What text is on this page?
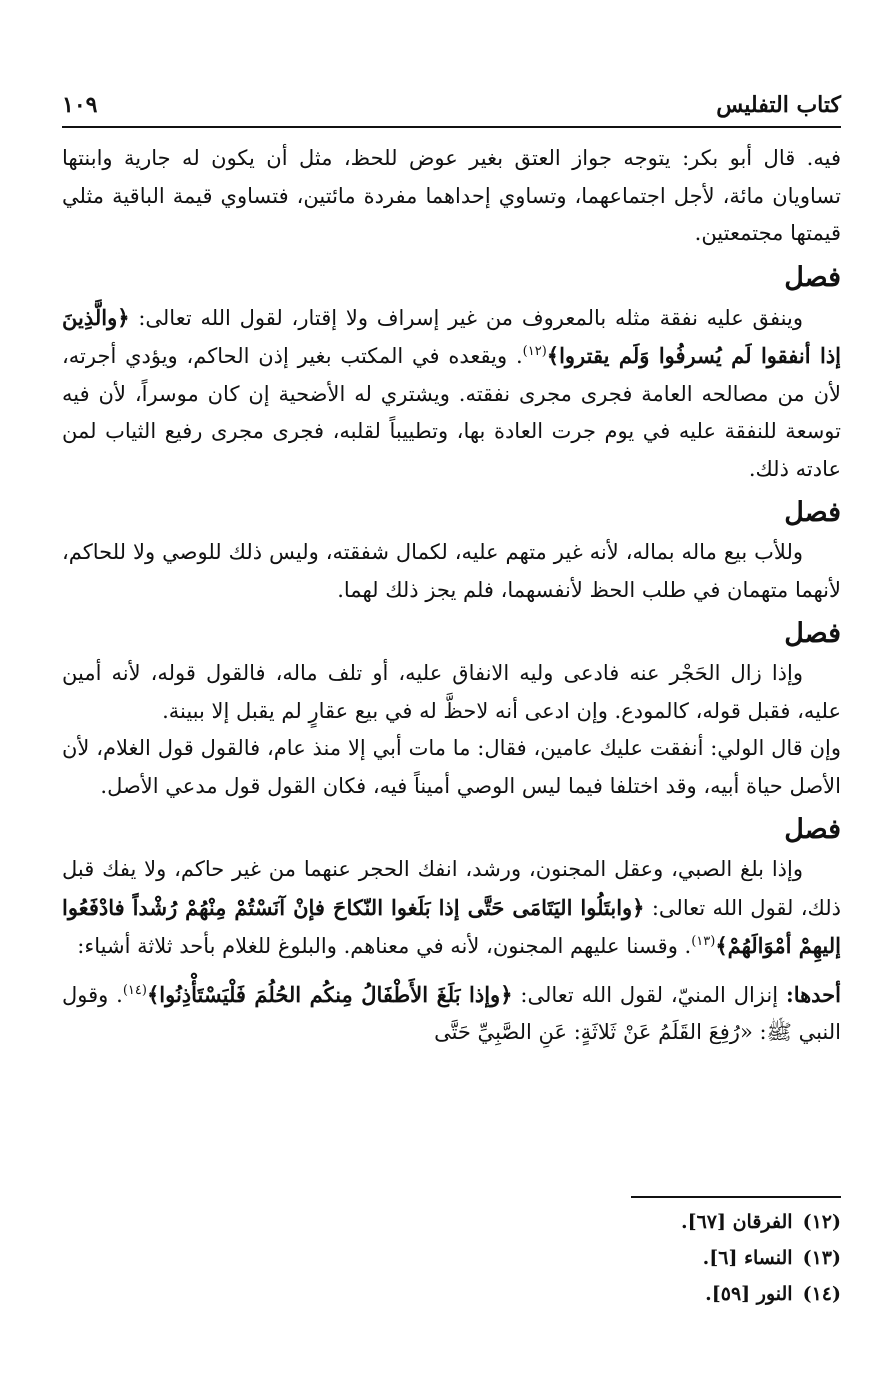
كتاب التفليس
١٠٩

فيه. قال أبو بكر: يتوجه جواز العتق بغير عوض للحظ، مثل أن يكون له جارية وابنتها تساويان مائة، لأجل اجتماعهما، وتساوي إحداهما مفردة مائتين، فتساوي قيمة الباقية مثلي قيمتها مجتمعتين.

فصل

وينفق عليه نفقة مثله بالمعروف من غير إسراف ولا إقتار، لقول الله تعالى: ﴿والَّذِينَ إذا أنفقوا لَم يُسرفُوا وَلَم يقتروا﴾$^{(١٢)}$. ويقعده في المكتب بغير إذن الحاكم، ويؤدي أجرته، لأن من مصالحه العامة فجرى مجرى نفقته. ويشتري له الأضحية إن كان موسراً، لأن فيه توسعة للنفقة عليه في يوم جرت العادة بها، وتطييباً لقلبه، فجرى مجرى رفيع الثياب لمن عادته ذلك.

فصل

وللأب بيع ماله بماله، لأنه غير متهم عليه، لكمال شفقته، وليس ذلك للوصي ولا للحاكم، لأنهما متهمان في طلب الحظ لأنفسهما، فلم يجز ذلك لهما.

فصل

وإذا زال الحَجْر عنه فادعى وليه الانفاق عليه، أو تلف ماله، فالقول قوله، لأنه أمين عليه، فقبل قوله، كالمودع. وإن ادعى أنه لاحظَّ له في بيع عقارٍ لم يقبل إلا ببينة.

وإن قال الولي: أنفقت عليك عامين، فقال: ما مات أبي إلا منذ عام، فالقول قول الغلام، لأن الأصل حياة أبيه، وقد اختلفا فيما ليس الوصي أميناً فيه، فكان القول قول مدعي الأصل.

فصل

وإذا بلغ الصبي، وعقل المجنون، ورشد، انفك الحجر عنهما من غير حاكم، ولا يفك قبل ذلك، لقول الله تعالى: ﴿وابتَلُوا اليَتَامَى حَتَّى إذا بَلَغوا النّكاحَ فإنْ آنَسْتُمْ مِنْهُمْ رُشْداً فادْفَعُوا إليهِمْ أمْوَالَهُمْ﴾$^{(١٣)}$. وقسنا عليهم المجنون، لأنه في معناهم. والبلوغ للغلام بأحد ثلاثة أشياء:

أحدها: إنزال المنيّ، لقول الله تعالى: ﴿وإذا بَلَغَ الأَطْفَالُ مِنكُم الحُلُمَ فَلْيَسْتَأْذِنُوا﴾$^{(١٤)}$. وقول النبي ﷺ: «رُفِعَ القَلَمُ عَنْ ثَلاثَةٍ: عَنِ الصَّبِيِّ حَتَّى

(١٢)الفرقان [٦٧].
(١٣)النساء [٦].
(١٤)النور [٥٩].
